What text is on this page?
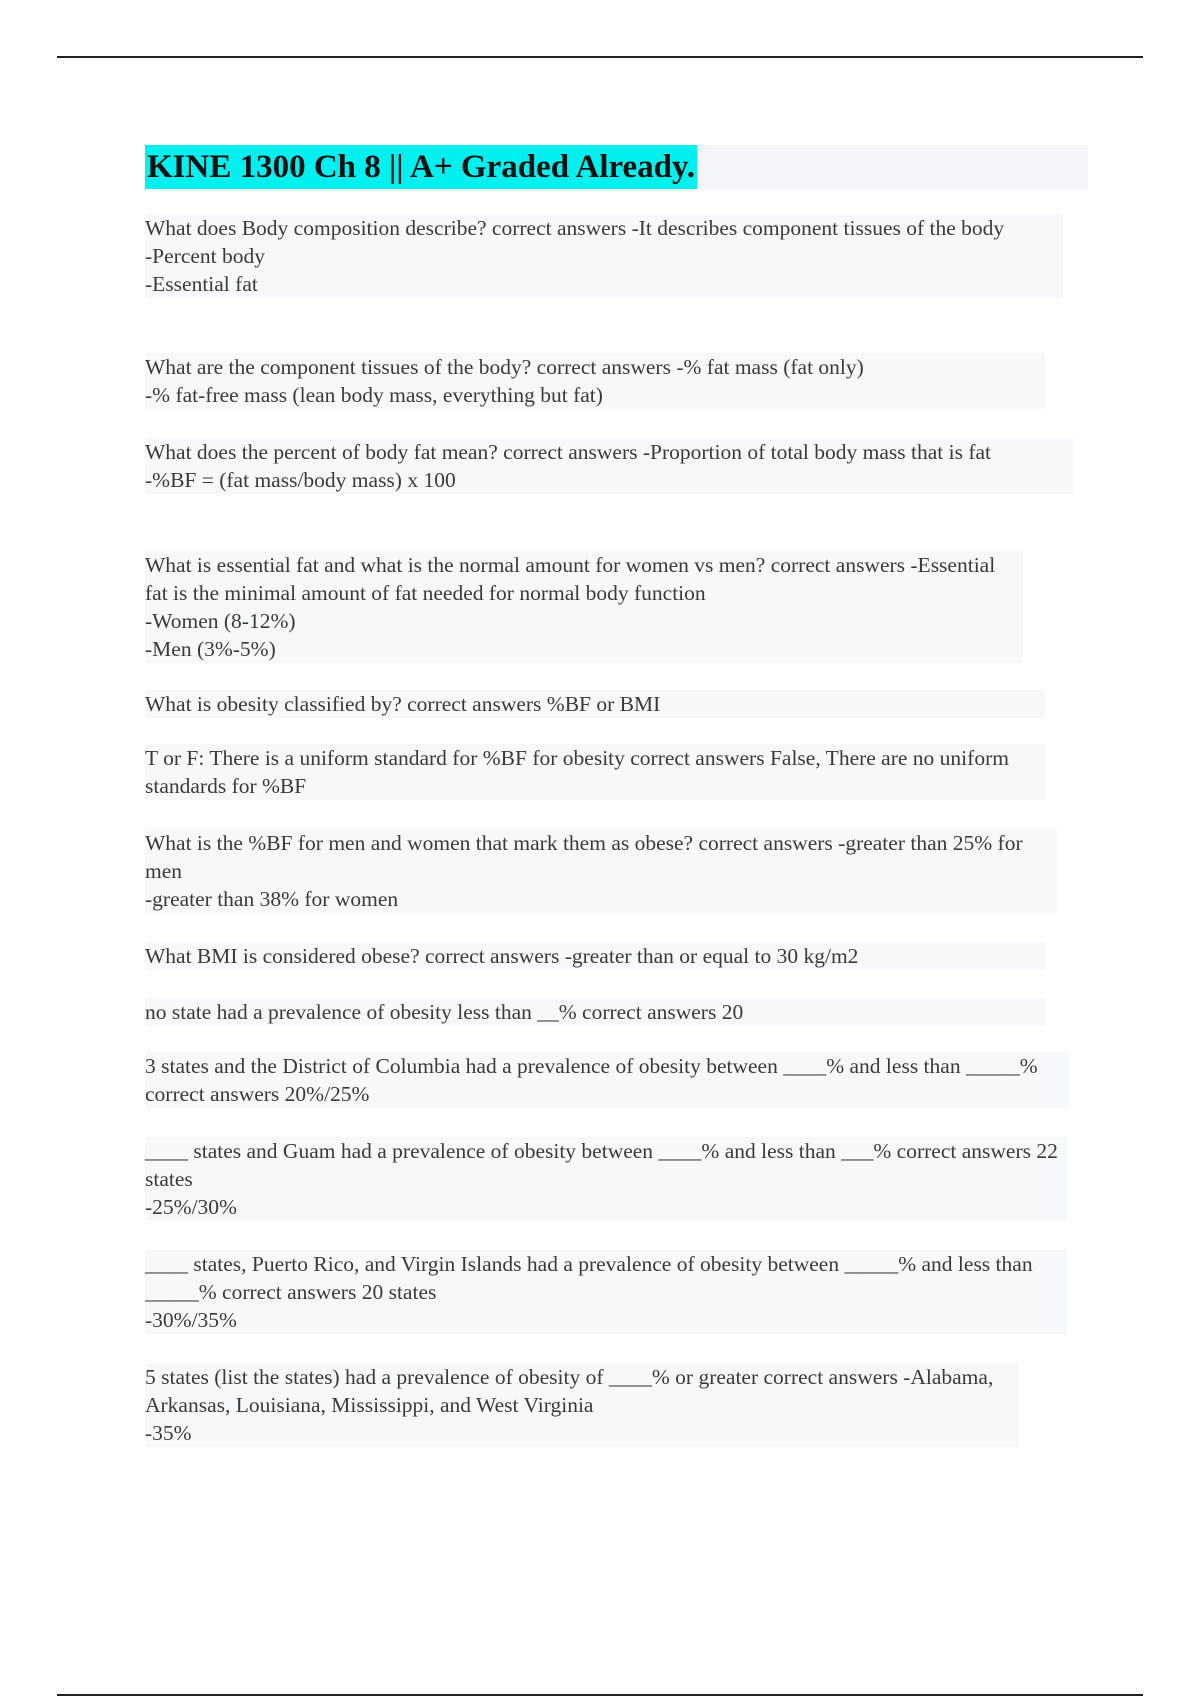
KINE 1300 Ch 8 || A+ Graded Already.

What does Body composition describe? correct answers -It describes component tissues of the body
-Percent body
-Essential fat

What are the component tissues of the body? correct answers -% fat mass (fat only)
-% fat-free mass (lean body mass, everything but fat)

What does the percent of body fat mean? correct answers -Proportion of total body mass that is fat
-%BF = (fat mass/body mass) x 100

What is essential fat and what is the normal amount for women vs men? correct answers -Essential fat is the minimal amount of fat needed for normal body function
-Women (8-12%)
-Men (3%-5%)

What is obesity classified by? correct answers %BF or BMI

T or F: There is a uniform standard for %BF for obesity correct answers False, There are no uniform standards for %BF

What is the %BF for men and women that mark them as obese? correct answers -greater than 25% for men
-greater than 38% for women

What BMI is considered obese? correct answers -greater than or equal to 30 kg/m2

no state had a prevalence of obesity less than __% correct answers 20

3 states and the District of Columbia had a prevalence of obesity between ____% and less than _____% correct answers 20%/25%

____ states and Guam had a prevalence of obesity between ____% and less than ___% correct answers 22 states
-25%/30%

____ states, Puerto Rico, and Virgin Islands had a prevalence of obesity between _____% and less than _____% correct answers 20 states
-30%/35%

5 states (list the states) had a prevalence of obesity of ____% or greater correct answers -Alabama, Arkansas, Louisiana, Mississippi, and West Virginia
-35%
